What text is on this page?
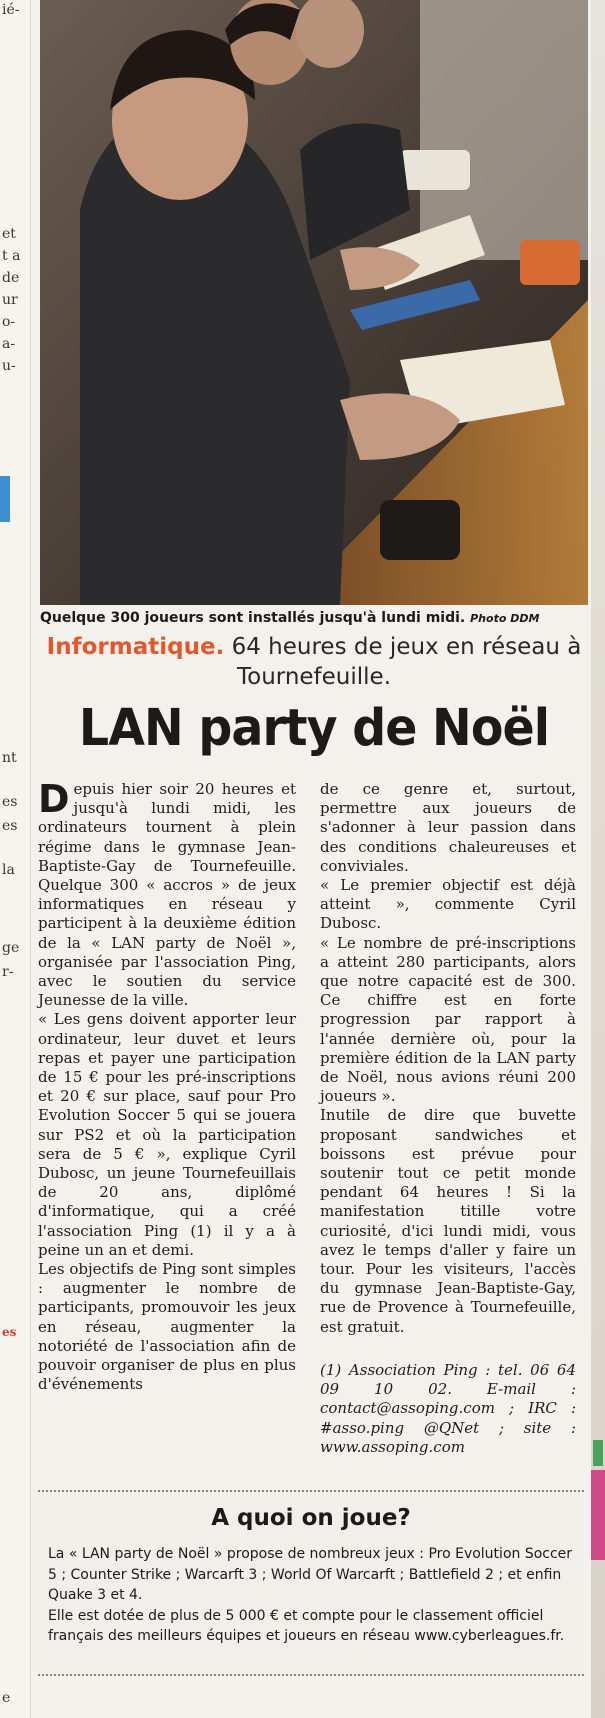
ié-
et
t a
de
ur
o-
a-
u-
nt
es
es
la
ge
r-
es
e
Quelque 300 joueurs sont installés jusqu'à lundi midi. Photo DDM
Informatique. 64 heures de jeux en réseau à Tournefeuille.
LAN party de Noël

Depuis hier soir 20 heures et jusqu'à lundi midi, les ordinateurs tournent à plein régime dans le gymnase Jean-Baptiste-Gay de Tournefeuille. Quelque 300 « accros » de jeux informatiques en réseau y participent à la deuxième édition de la « LAN party de Noël », organisée par l'association Ping, avec le soutien du service Jeunesse de la ville.

« Les gens doivent apporter leur ordinateur, leur duvet et leurs repas et payer une participation de 15 € pour les pré-inscriptions et 20 € sur place, sauf pour Pro Evolution Soccer 5 qui se jouera sur PS2 et où la participation sera de 5 € », explique Cyril Dubosc, un jeune Tournefeuillais de 20 ans, diplômé d'informatique, qui a créé l'association Ping (1) il y a à peine un an et demi.

Les objectifs de Ping sont simples : augmenter le nombre de participants, promouvoir les jeux en réseau, augmenter la notoriété de l'association afin de pouvoir organiser de plus en plus d'événements

de ce genre et, surtout, permettre aux joueurs de s'adonner à leur passion dans des conditions chaleureuses et conviviales.

« Le premier objectif est déjà atteint », commente Cyril Dubosc.

« Le nombre de pré-inscriptions a atteint 280 participants, alors que notre capacité est de 300. Ce chiffre est en forte progression par rapport à l'année dernière où, pour la première édition de la LAN party de Noël, nous avions réuni 200 joueurs ».

Inutile de dire que buvette proposant sandwiches et boissons est prévue pour soutenir tout ce petit monde pendant 64 heures ! Si la manifestation titille votre curiosité, d'ici lundi midi, vous avez le temps d'aller y faire un tour. Pour les visiteurs, l'accès du gymnase Jean-Baptiste-Gay, rue de Provence à Tournefeuille, est gratuit.

(1) Association Ping : tel. 06 64 09 10 02. E-mail : contact@assoping.com ; IRC : #asso.ping @QNet ; site : www.assoping.com

A quoi on joue?

La « LAN party de Noël » propose de nombreux jeux : Pro Evolution Soccer 5 ; Counter Strike ; Warcarft 3 ; World Of Warcarft ; Battlefield 2 ; et enfin Quake 3 et 4.

Elle est dotée de plus de 5 000 € et compte pour le classement officiel français des meilleurs équipes et joueurs en réseau www.cyberleagues.fr.
